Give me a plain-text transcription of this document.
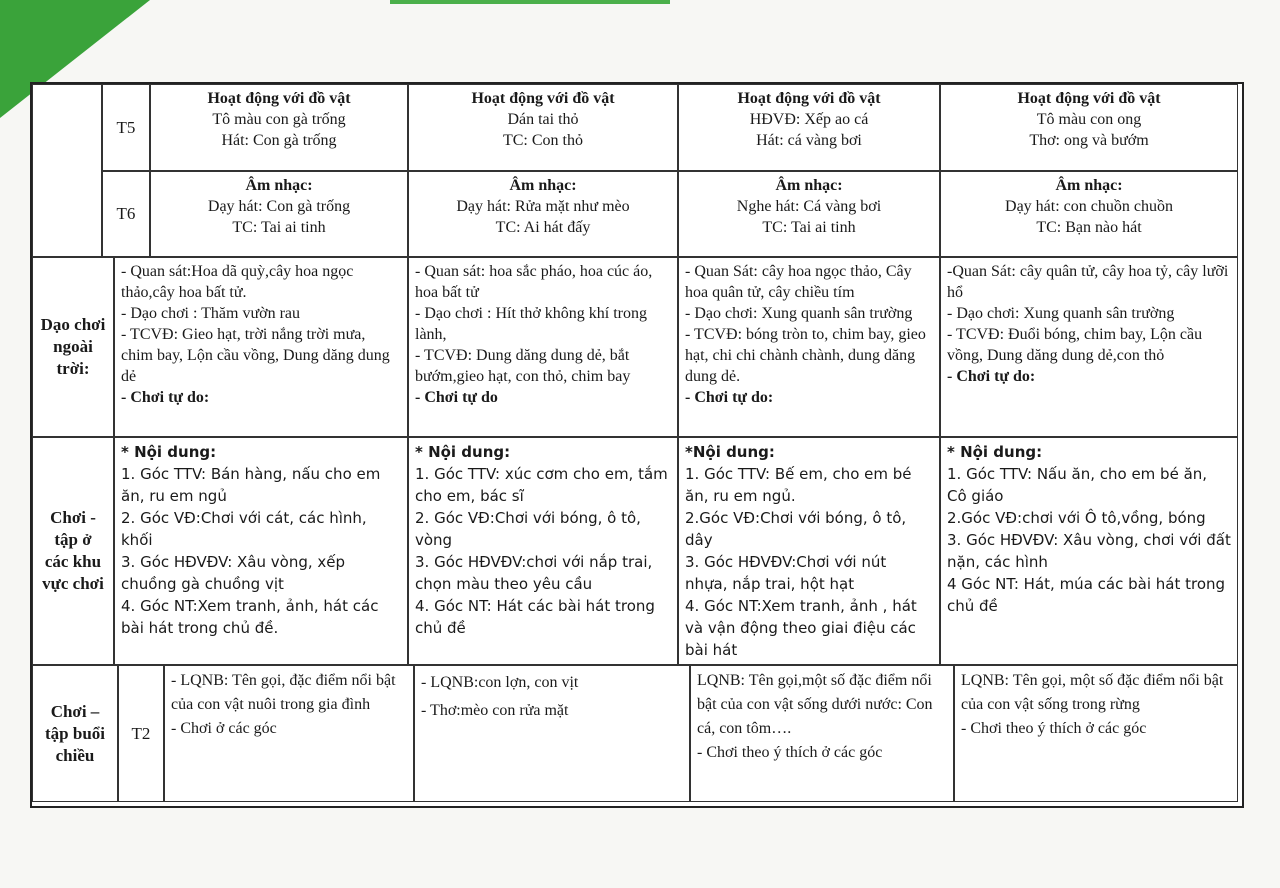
T5
Hoạt động với đồ vật
Tô màu con gà trống
Hát: Con gà trống
Hoạt động với đồ vật
Dán tai thỏ
TC: Con thỏ
Hoạt động với đồ vật
HĐVĐ: Xếp ao cá
Hát: cá vàng bơi
Hoạt động với đồ vật
Tô màu con ong
Thơ: ong và bướm
T6
Âm nhạc:
Dạy hát: Con gà trống
TC: Tai ai tinh
Âm nhạc:
Dạy hát: Rửa mặt như mèo
TC: Ai hát đấy
Âm nhạc:
Nghe hát: Cá vàng bơi
TC: Tai ai tinh
Âm nhạc:
Dạy hát: con chuồn chuồn
TC: Bạn nào hát
Dạo chơi ngoài trời:
- Quan sát:Hoa dã quỳ,cây hoa ngọc thảo,cây hoa bất tử.
- Dạo chơi : Thăm vườn rau
- TCVĐ: Gieo hạt, trời nắng trời mưa, chim bay, Lộn cầu vồng, Dung dăng dung dẻ
- Chơi tự do:
- Quan sát: hoa sắc pháo, hoa cúc áo, hoa bất tử
- Dạo chơi : Hít thở không khí trong lành,
- TCVĐ: Dung dăng dung dẻ, bắt bướm,gieo hạt, con thỏ, chim bay
- Chơi tự do
- Quan Sát: cây hoa ngọc thảo, Cây hoa quân tử, cây chiều tím
- Dạo chơi: Xung quanh sân trường
- TCVĐ: bóng tròn to, chim bay, gieo hạt, chi chi chành chành, dung dăng dung dẻ.
- Chơi tự do:
-Quan Sát: cây quân tử, cây hoa tỷ, cây lưỡi hổ
- Dạo chơi: Xung quanh sân trường
- TCVĐ: Đuổi bóng, chim bay, Lộn cầu vồng, Dung dăng dung dẻ,con thỏ
- Chơi tự do:
Chơi - tập ở các khu vực chơi
* Nội dung:
1. Góc TTV: Bán hàng, nấu cho em ăn, ru em ngủ
2. Góc VĐ:Chơi với cát, các hình, khối
3. Góc HĐVĐV: Xâu vòng, xếp chuồng gà chuồng vịt
4. Góc NT:Xem tranh, ảnh, hát các bài hát trong chủ đề.
* Nội dung:
1. Góc TTV: xúc cơm cho em, tắm cho em, bác sĩ
2. Góc VĐ:Chơi với bóng, ô tô, vòng
3. Góc HĐVĐV:chơi với nắp trai, chọn màu theo yêu cầu
4. Góc NT: Hát các bài hát trong chủ đề
*Nội dung:
1. Góc TTV: Bế em, cho em bé ăn, ru em ngủ.
2.Góc VĐ:Chơi với bóng, ô tô, dây
3. Góc HĐVĐV:Chơi với nút nhựa, nắp trai, hột hạt
4. Góc NT:Xem tranh, ảnh , hát và vận động theo giai điệu các bài hát
* Nội dung:
1. Góc TTV: Nấu ăn, cho em bé ăn, Cô giáo
2.Góc VĐ:chơi với Ô tô,vồng, bóng
3. Góc HĐVĐV: Xâu vòng, chơi với đất nặn, các hình
4 Góc NT: Hát, múa các bài hát trong chủ đề
Chơi – tập buổi chiều
T2
- LQNB: Tên gọi, đặc điểm nổi bật của con vật nuôi trong gia đình
- Chơi ở các góc
- LQNB:con lợn, con vịt
- Thơ:mèo con rửa mặt
LQNB: Tên gọi,một số đặc điểm nổi bật của con vật sống dưới nước: Con cá, con tôm….
- Chơi theo ý thích ở các góc
LQNB: Tên gọi, một số đặc điểm nổi bật của con vật sống trong rừng
- Chơi theo ý thích ở các góc
